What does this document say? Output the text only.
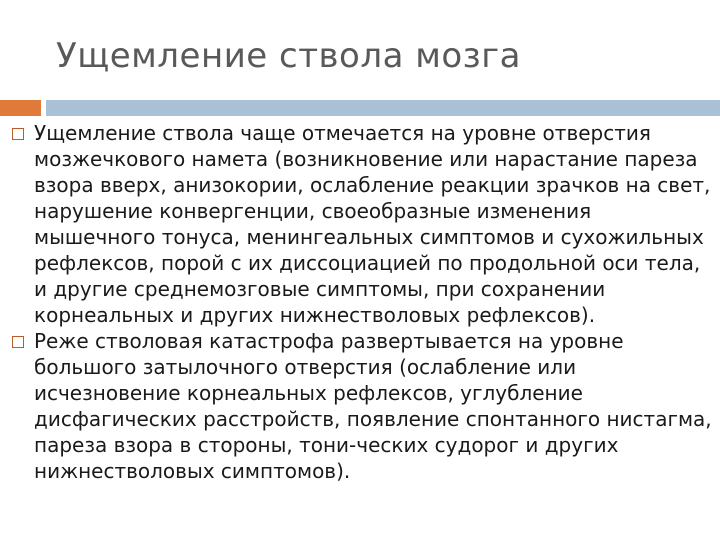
Ущемление ствола мозга
Ущемление ствола чаще отмечается на уровне отверстия мозжечкового намета (возникновение или нарастание пареза взора вверх, анизокории, ослабление реакции зрачков на свет, нарушение конвергенции, своеобразные изменения мышечного тонуса, менингеальных симптомов и сухожильных рефлексов, порой с их диссоциацией по продольной оси тела, и другие среднемозговые симптомы, при сохранении корнеальных и других нижнестволовых рефлексов).
Реже стволовая катастрофа развертывается на уровне большого затылочного отверстия (ослабление или исчезновение корнеальных рефлексов, углубление дисфагических расстройств, появление спонтанного нистагма, пареза взора в стороны, тони-ческих судорог и других нижнестволовых симптомов).
